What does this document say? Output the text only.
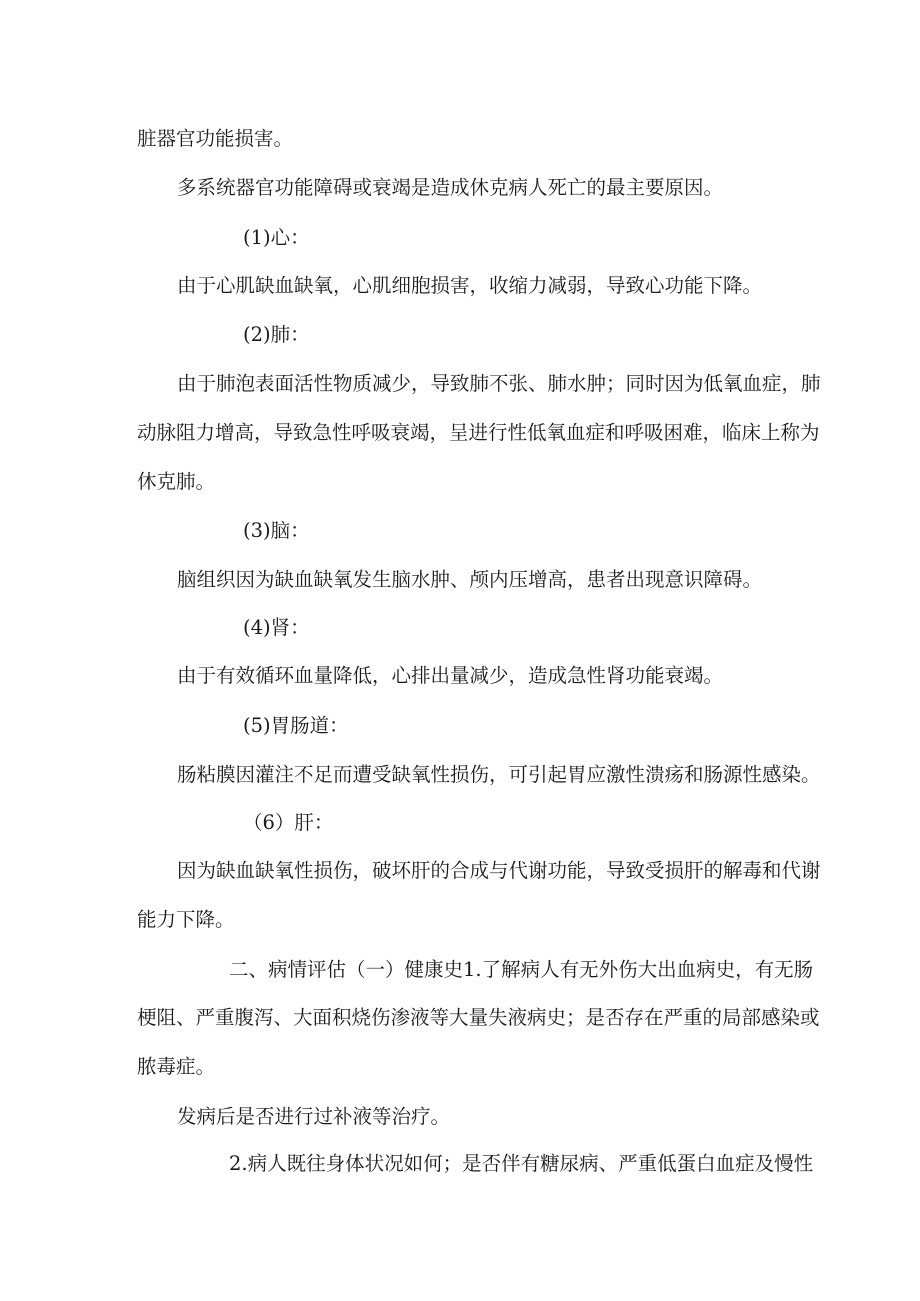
脏器官功能损害。

多系统器官功能障碍或衰竭是造成休克病人死亡的最主要原因。

(1)心：

由于心肌缺血缺氧，心肌细胞损害，收缩力减弱，导致心功能下降。

(2)肺：

由于肺泡表面活性物质减少，导致肺不张、肺水肿；同时因为低氧血症，肺

动脉阻力增高，导致急性呼吸衰竭，呈进行性低氧血症和呼吸困难，临床上称为

休克肺。

(3)脑：

脑组织因为缺血缺氧发生脑水肿、颅内压增高，患者出现意识障碍。

(4)肾：

由于有效循环血量降低，心排出量减少，造成急性肾功能衰竭。

(5)胃肠道：

肠粘膜因灌注不足而遭受缺氧性损伤，可引起胃应激性溃疡和肠源性感染。

（6）肝：

因为缺血缺氧性损伤，破坏肝的合成与代谢功能，导致受损肝的解毒和代谢

能力下降。

二、病情评估（一）健康史1.了解病人有无外伤大出血病史，有无肠

梗阻、严重腹泻、大面积烧伤渗液等大量失液病史；是否存在严重的局部感染或

脓毒症。

发病后是否进行过补液等治疗。

2.病人既往身体状况如何；是否伴有糖尿病、严重低蛋白血症及慢性
